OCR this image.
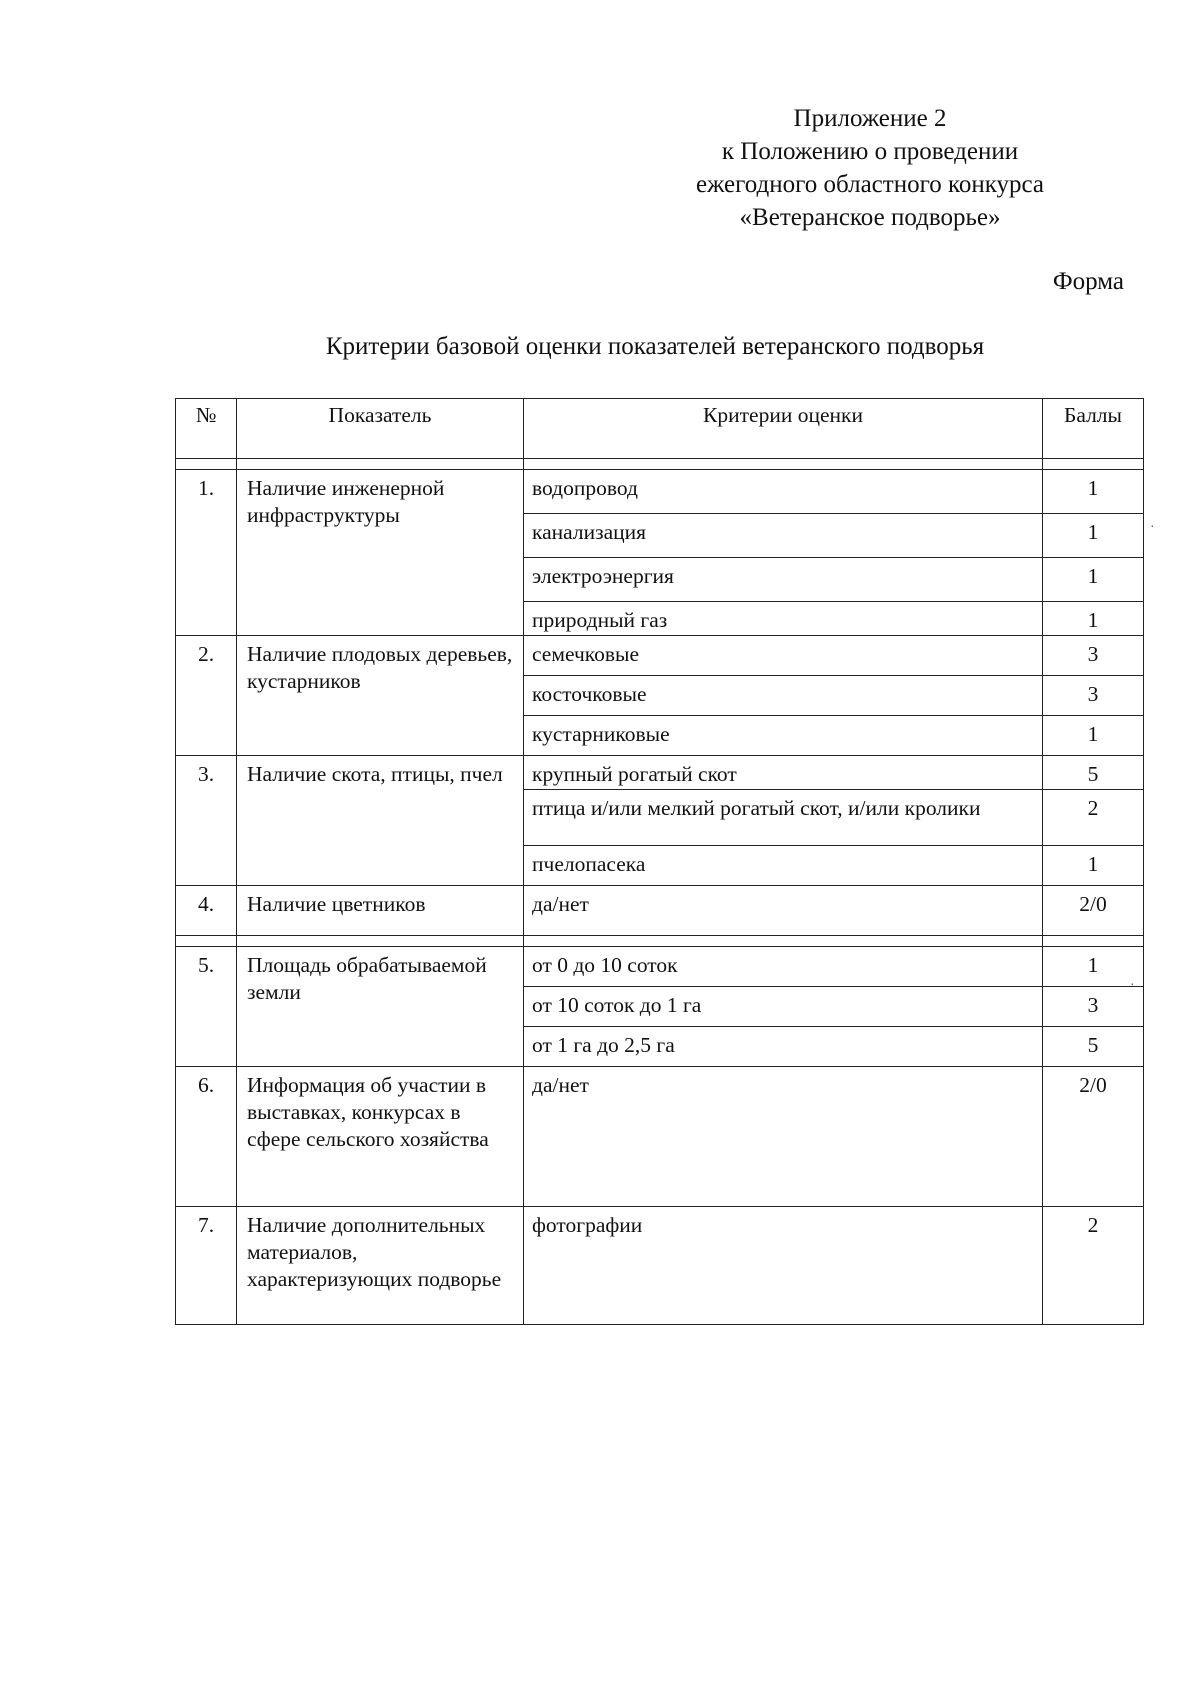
Приложение 2
к Положению о проведении
ежегодного областного конкурса
«Ветеранское подворье»
Форма
Критерии базовой оценки показателей ветеранского подворья
№	Показатель	Критерии оценки	Баллы

1.	Наличие инженерной инфраструктуры	водопровод	1
		канализация	1
		электроэнергия	1
		природный газ	1
2.	Наличие плодовых деревьев, кустарников	семечковые	3
		косточковые	3
		кустарниковые	1
3.	Наличие скота, птицы, пчел	крупный рогатый скот	5
		птица и/или мелкий рогатый скот, и/или кролики	2
		пчелопасека	1
4.	Наличие цветников	да/нет	2/0

5.	Площадь обрабатываемой земли	от 0 до 10 соток	1
		от 10 соток до 1 га	3
		от 1 га до 2,5 га	5
6.	Информация об участии в выставках, конкурсах в сфере сельского хозяйства	да/нет	2/0
7.	Наличие дополнительных материалов, характеризующих подворье	фотографии	2
·
·
